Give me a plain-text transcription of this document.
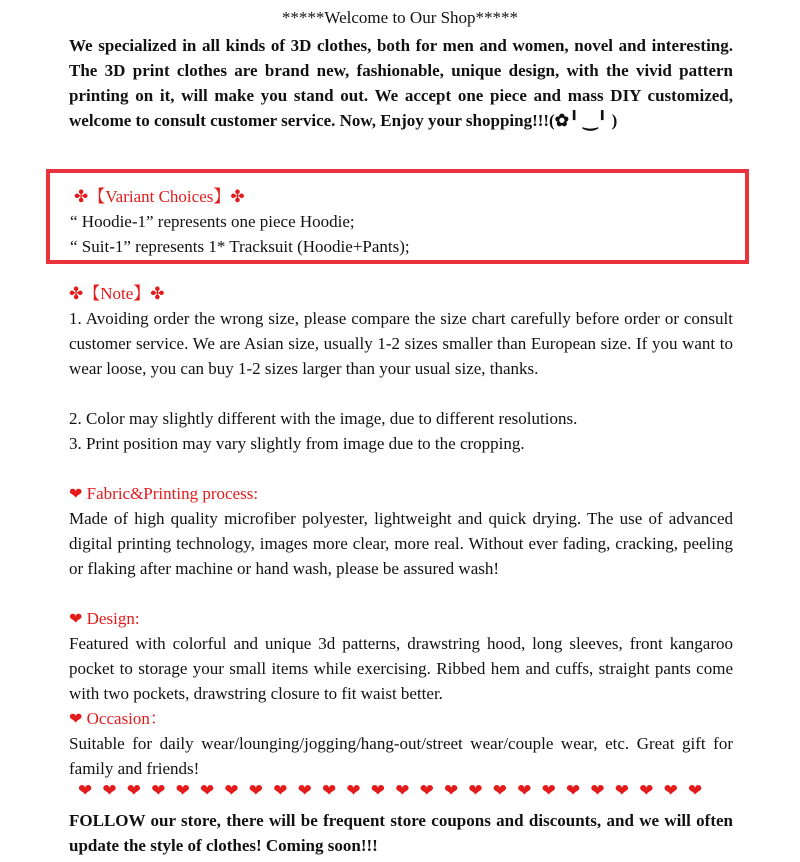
*****Welcome to Our Shop*****
We specialized in all kinds of 3D clothes, both for men and women, novel and interesting. The 3D print clothes are brand new, fashionable, unique design, with the vivid pattern printing on it, will make you stand out. We accept one piece and mass DIY customized, welcome to consult customer service. Now, Enjoy your shopping!!!(✿╹ ‿╹ )
✤【Variant Choices】✤
“ Hoodie-1” represents one piece Hoodie;
“ Suit-1” represents 1* Tracksuit (Hoodie+Pants);
✤【Note】✤
1. Avoiding order the wrong size, please compare the size chart carefully before order or consult customer service. We are Asian size, usually 1-2 sizes smaller than European size. If you want to wear loose, you can buy 1-2 sizes larger than your usual size, thanks.
2. Color may slightly different with the image, due to different resolutions.
3. Print position may vary slightly from image due to the cropping.
❤ Fabric&Printing process:
Made of high quality microfiber polyester, lightweight and quick drying. The use of advanced digital printing technology, images more clear, more real. Without ever fading, cracking, peeling or flaking after machine or hand wash, please be assured wash!
❤ Design:
Featured with colorful and unique 3d patterns, drawstring hood, long sleeves, front kangaroo pocket to storage your small items while exercising. Ribbed hem and cuffs, straight pants come with two pockets, drawstring closure to fit waist better.
❤ Occasion：
Suitable for daily wear/lounging/jogging/hang-out/street wear/couple wear, etc. Great gift for family and friends!
❤ ❤ ❤ ❤ ❤ ❤ ❤ ❤ ❤ ❤ ❤ ❤ ❤ ❤ ❤ ❤ ❤ ❤ ❤ ❤ ❤ ❤ ❤ ❤ ❤ ❤
FOLLOW our store, there will be frequent store coupons and discounts, and we will often update the style of clothes! Coming soon!!!
